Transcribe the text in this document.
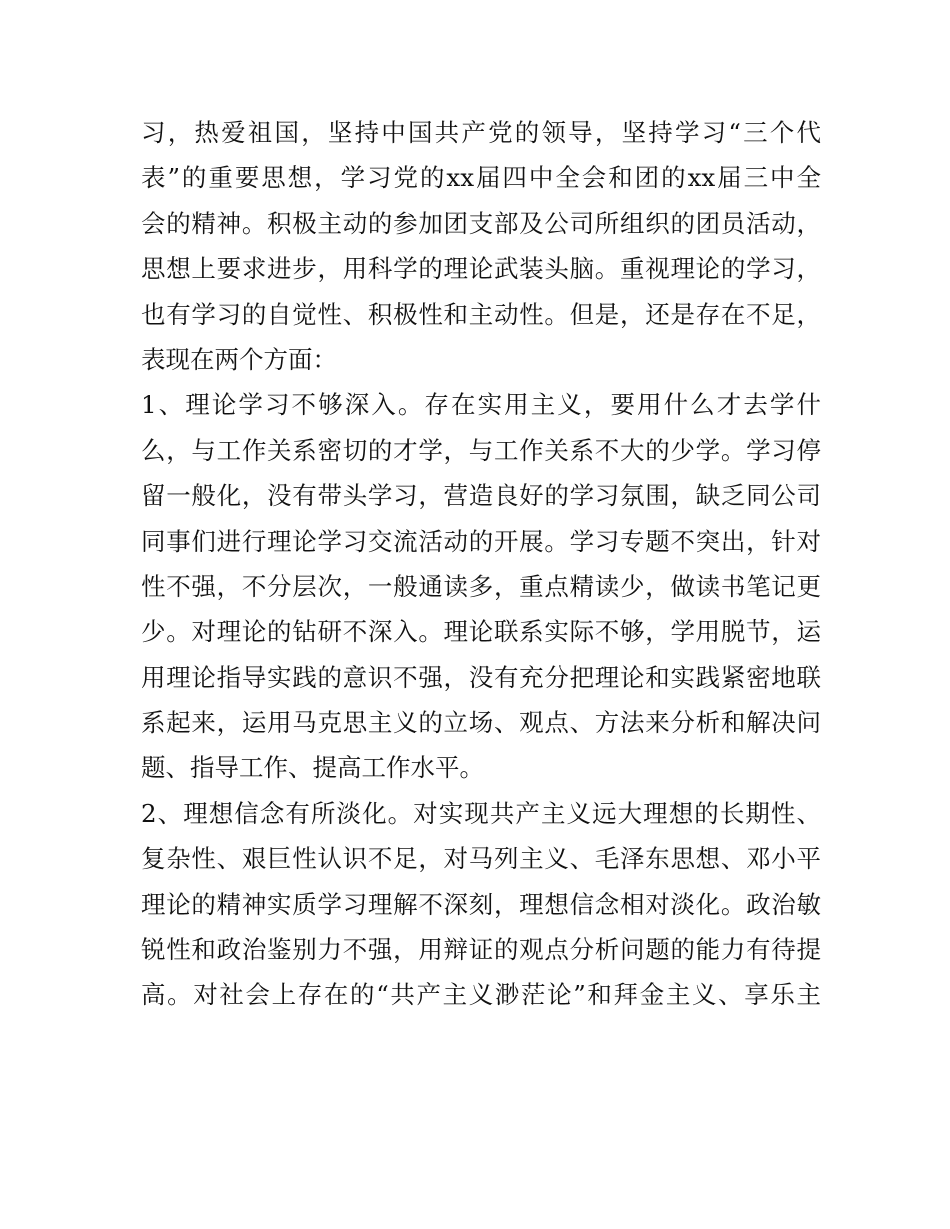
习，热爱祖国，坚持中国共产党的领导，坚持学习“三个代
表”的重要思想，学习党的xx届四中全会和团的xx届三中全
会的精神。积极主动的参加团支部及公司所组织的团员活动，
思想上要求进步，用科学的理论武装头脑。重视理论的学习，
也有学习的自觉性、积极性和主动性。但是，还是存在不足，
表现在两个方面：
1、理论学习不够深入。存在实用主义，要用什么才去学什
么，与工作关系密切的才学，与工作关系不大的少学。学习停
留一般化，没有带头学习，营造良好的学习氛围，缺乏同公司
同事们进行理论学习交流活动的开展。学习专题不突出，针对
性不强，不分层次，一般通读多，重点精读少，做读书笔记更
少。对理论的钻研不深入。理论联系实际不够，学用脱节，运
用理论指导实践的意识不强，没有充分把理论和实践紧密地联
系起来，运用马克思主义的立场、观点、方法来分析和解决问
题、指导工作、提高工作水平。
2、理想信念有所淡化。对实现共产主义远大理想的长期性、
复杂性、艰巨性认识不足，对马列主义、毛泽东思想、邓小平
理论的精神实质学习理解不深刻，理想信念相对淡化。政治敏
锐性和政治鉴别力不强，用辩证的观点分析问题的能力有待提
高。对社会上存在的“共产主义渺茫论”和拜金主义、享乐主
